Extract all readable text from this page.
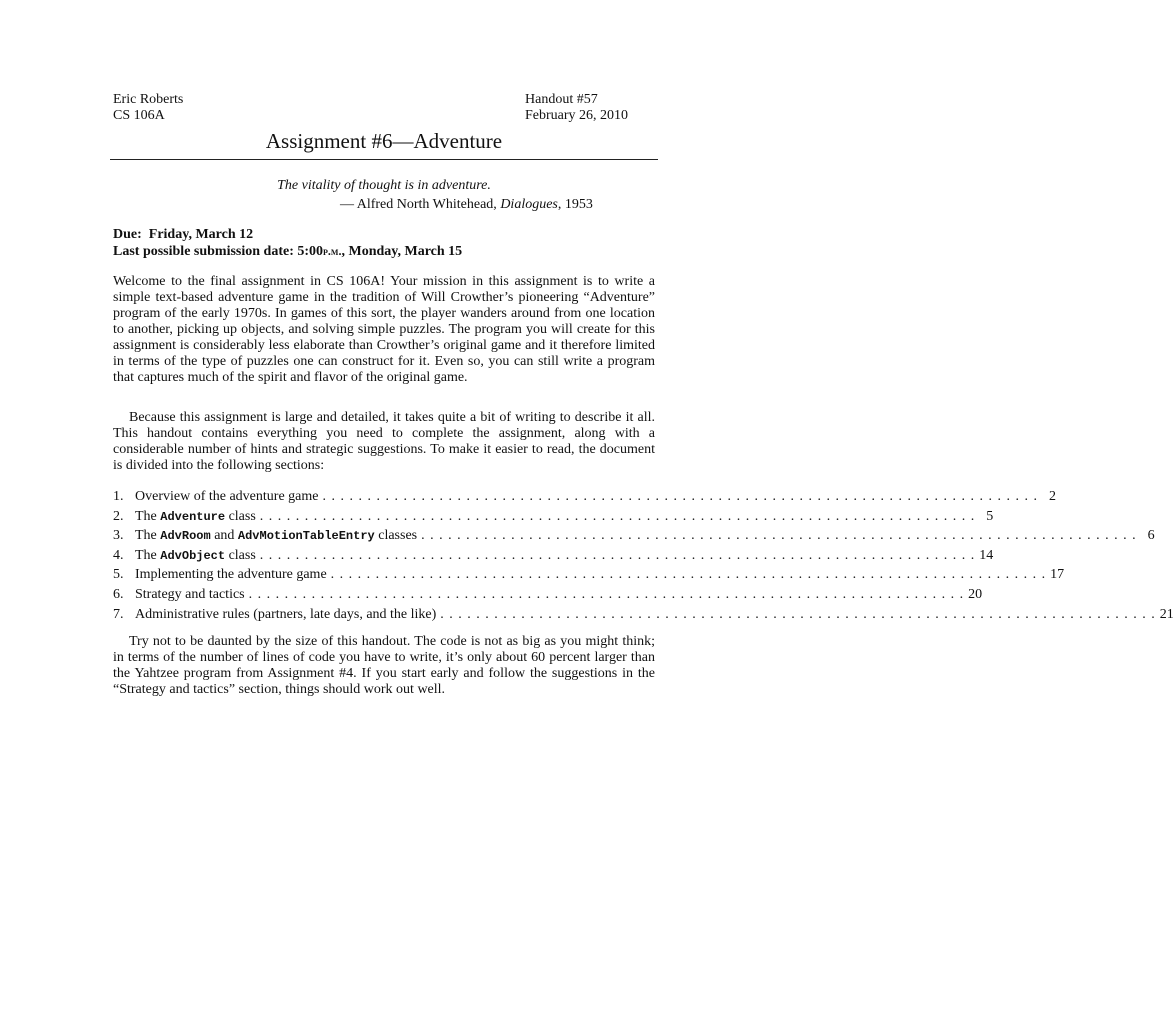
Eric Roberts
CS 106A
Handout #57
February 26, 2010
Assignment #6—Adventure
The vitality of thought is in adventure.
— Alfred North Whitehead, Dialogues, 1953
Due:  Friday, March 12
Last possible submission date: 5:00p.m., Monday, March 15

Welcome to the final assignment in CS 106A! Your mission in this assignment is to write a simple text-based adventure game in the tradition of Will Crowther’s pioneering “Adventure” program of the early 1970s. In games of this sort, the player wanders around from one location to another, picking up objects, and solving simple puzzles. The program you will create for this assignment is considerably less elaborate than Crowther’s original game and it therefore limited in terms of the type of puzzles one can construct for it. Even so, you can still write a program that captures much of the spirit and flavor of the original game.

Because this assignment is large and detailed, it takes quite a bit of writing to describe it all. This handout contains everything you need to complete the assignment, along with a considerable number of hints and strategic suggestions. To make it easier to read, the document is divided into the following sections:

1. Overview of the adventure game . . . . . . . . . . . . . . . . . . . . . . . . . . . . . . . . . . . . . . . . . . . . . . . . . . . . . . . . . . . . . . . . . . . . . . . . . . . . . . . . 2
2. The Adventure class . . . . . . . . . . . . . . . . . . . . . . . . . . . . . . . . . . . . . . . . . . . . . . . . . . . . . . . . . . . . . . . . . . . . . . . . . . . . . . . . 5
3. The AdvRoom and AdvMotionTableEntry classes . . . . . . . . . . . . . . . . . . . . . . . . . . . . . . . . . . . . . . . . . . . . . . . . . . . . . . . . . . . . . . . . . . . . . . . . . . . . . . . . 6
4. The AdvObject class . . . . . . . . . . . . . . . . . . . . . . . . . . . . . . . . . . . . . . . . . . . . . . . . . . . . . . . . . . . . . . . . . . . . . . . . . . . . . . . . 14
5. Implementing the adventure game . . . . . . . . . . . . . . . . . . . . . . . . . . . . . . . . . . . . . . . . . . . . . . . . . . . . . . . . . . . . . . . . . . . . . . . . . . . . . . . . 17
6. Strategy and tactics . . . . . . . . . . . . . . . . . . . . . . . . . . . . . . . . . . . . . . . . . . . . . . . . . . . . . . . . . . . . . . . . . . . . . . . . . . . . . . . . 20
7. Administrative rules (partners, late days, and the like) . . . . . . . . . . . . . . . . . . . . . . . . . . . . . . . . . . . . . . . . . . . . . . . . . . . . . . . . . . . . . . . . . . . . . . . . . . . . . . . . 21

Try not to be daunted by the size of this handout. The code is not as big as you might think; in terms of the number of lines of code you have to write, it’s only about 60 percent larger than the Yahtzee program from Assignment #4. If you start early and follow the suggestions in the “Strategy and tactics” section, things should work out well.
